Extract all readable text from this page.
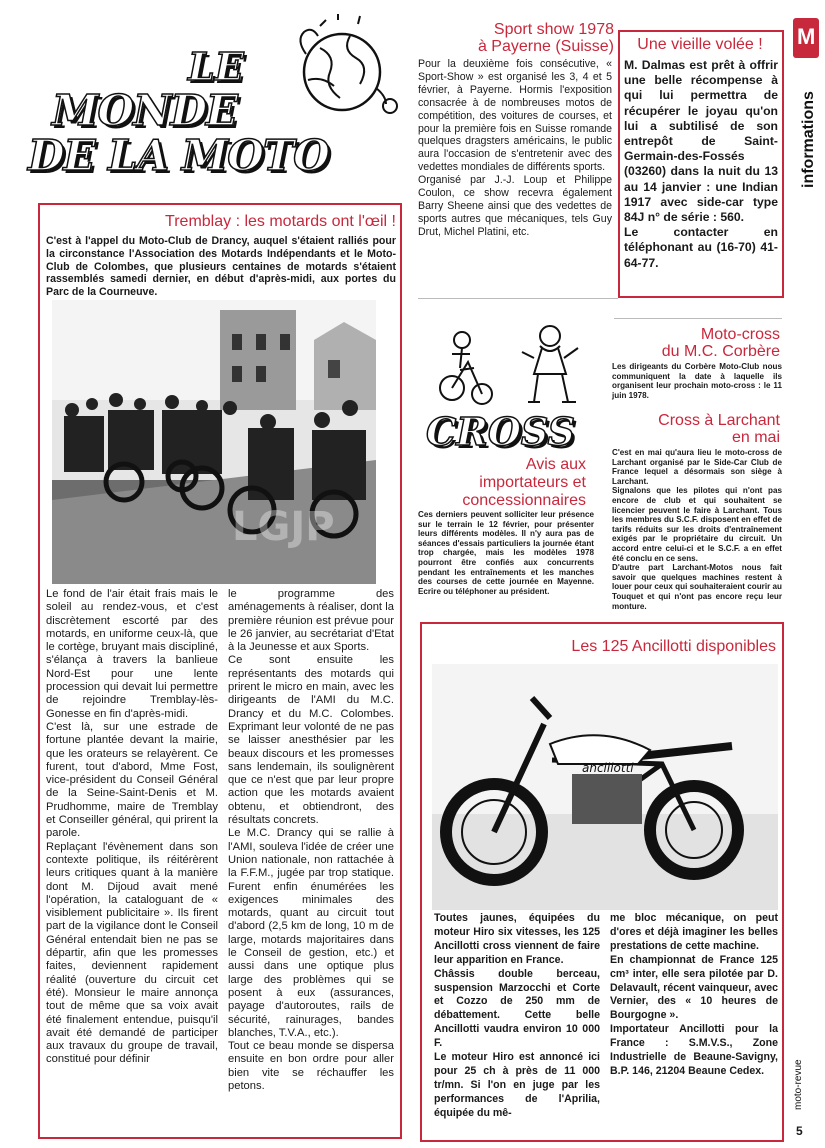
LE
MONDE
DE LA MOTO
M
informations
moto-revue
5
Tremblay : les motards ont l'œil !
C'est à l'appel du Moto-Club de Drancy, auquel s'étaient ralliés pour la circonstance l'Association des Motards Indépendants et le Moto-Club de Colombes, que plusieurs centaines de motards s'étaient rassemblés samedi dernier, en début d'après-midi, aux portes du Parc de la Courneuve.
LGJP
Le fond de l'air était frais mais le soleil au rendez-vous, et c'est discrètement escorté par des motards, en uniforme ceux-là, que le cortège, bruyant mais discipliné, s'élança à travers la banlieue Nord-Est pour une lente procession qui devait lui permettre de rejoindre Tremblay-lès-Gonesse en fin d'après-midi.
C'est là, sur une estrade de fortune plantée devant la mairie, que les orateurs se relayèrent. Ce furent, tout d'abord, Mme Fost, vice-président du Conseil Général de la Seine-Saint-Denis et M. Prudhomme, maire de Tremblay et Conseiller général, qui prirent la parole.
Replaçant l'évènement dans son contexte politique, ils réitérèrent leurs critiques quant à la manière dont M. Dijoud avait mené l'opération, la cataloguant de « visiblement publicitaire ». Ils firent part de la vigilance dont le Conseil Général entendait bien ne pas se départir, afin que les promesses faites, deviennent rapidement réalité (ouverture du circuit cet été). Monsieur le maire annonça tout de même que sa voix avait été finalement entendue, puisqu'il avait été demandé de participer aux travaux du groupe de travail, constitué pour définir
le programme des aménagements à réaliser, dont la première réunion est prévue pour le 26 janvier, au secrétariat d'Etat à la Jeunesse et aux Sports.
Ce sont ensuite les représentants des motards qui prirent le micro en main, avec les dirigeants de l'AMI du M.C. Drancy et du M.C. Colombes. Exprimant leur volonté de ne pas se laisser anesthésier par les beaux discours et les promesses sans lendemain, ils soulignèrent que ce n'est que par leur propre action que les motards avaient obtenu, et obtiendront, des résultats concrets.
Le M.C. Drancy qui se rallie à l'AMI, souleva l'idée de créer une Union nationale, non rattachée à la F.F.M., jugée par trop statique. Furent enfin énumérées les exigences minimales des motards, quant au circuit tout d'abord (2,5 km de long, 10 m de large, motards majoritaires dans le Conseil de gestion, etc.) et aussi dans une optique plus large des problèmes qui se posent à eux (assurances, payage d'autoroutes, rails de sécurité, rainurages, bandes blanches, T.V.A., etc.).
Tout ce beau monde se dispersa ensuite en bon ordre pour aller bien vite se réchauffer les petons.
Sport show 1978
à Payerne (Suisse)
Pour la deuxième fois consécutive, « Sport-Show » est organisé les 3, 4 et 5 février, à Payerne. Hormis l'exposition consacrée à de nombreuses motos de compétition, des voitures de courses, et pour la première fois en Suisse romande quelques dragsters américains, le public aura l'occasion de s'entretenir avec des vedettes mondiales de différents sports.
Organisé par J.-J. Loup et Philippe Coulon, ce show recevra également Barry Sheene ainsi que des vedettes de sports autres que mécaniques, tels Guy Drut, Michel Platini, etc.
Une vieille volée !
M. Dalmas est prêt à offrir une belle récompense à qui lui permettra de récupérer le joyau qu'on lui a subtilisé de son entrepôt de Saint-Germain-des-Fossés (03260) dans la nuit du 13 au 14 janvier : une Indian 1917 avec side-car type 84J n° de série : 560.
Le contacter en téléphonant au (16-70) 41-64-77.
CROSS
Avis aux
importateurs et
concessionnaires
Ces derniers peuvent solliciter leur présence sur le terrain le 12 février, pour présenter leurs différents modèles. Il n'y aura pas de séances d'essais particuliers la journée étant trop chargée, mais les modèles 1978 pourront être confiés aux concurrents pendant les entraînements et les manches des courses de cette journée en Mayenne. Ecrire ou téléphoner au président.
Moto-cross
du M.C. Corbère
Les dirigeants du Corbère Moto-Club nous communiquent la date à laquelle ils organisent leur prochain moto-cross : le 11 juin 1978.
Cross à Larchant
en mai
C'est en mai qu'aura lieu le moto-cross de Larchant organisé par le Side-Car Club de France lequel a désormais son siège à Larchant.
Signalons que les pilotes qui n'ont pas encore de club et qui souhaitent se licencier peuvent le faire à Larchant. Tous les membres du S.C.F. disposent en effet de tarifs réduits sur les droits d'entraînement exigés par le propriétaire du circuit. Un accord entre celui-ci et le S.C.F. a en effet été conclu en ce sens.
D'autre part Larchant-Motos nous fait savoir que quelques machines restent à louer pour ceux qui souhaiteraient courir au Touquet et qui n'ont pas encore reçu leur monture.
Les 125 Ancillotti disponibles
ancillotti
Toutes jaunes, équipées du moteur Hiro six vitesses, les 125 Ancillotti cross viennent de faire leur apparition en France.
Châssis double berceau, suspension Marzocchi et Corte et Cozzo de 250 mm de débattement. Cette belle Ancillotti vaudra environ 10 000 F.
Le moteur Hiro est annoncé ici pour 25 ch à près de 11 000 tr/mn. Si l'on en juge par les performances de l'Aprilia, équipée du mê-
me bloc mécanique, on peut d'ores et déjà imaginer les belles prestations de cette machine.
En championnat de France 125 cm³ inter, elle sera pilotée par D. Delavault, récent vainqueur, avec Vernier, des « 10 heures de Bourgogne ».
Importateur Ancillotti pour la France : S.M.V.S., Zone Industrielle de Beaune-Savigny, B.P. 146, 21204 Beaune Cedex.
